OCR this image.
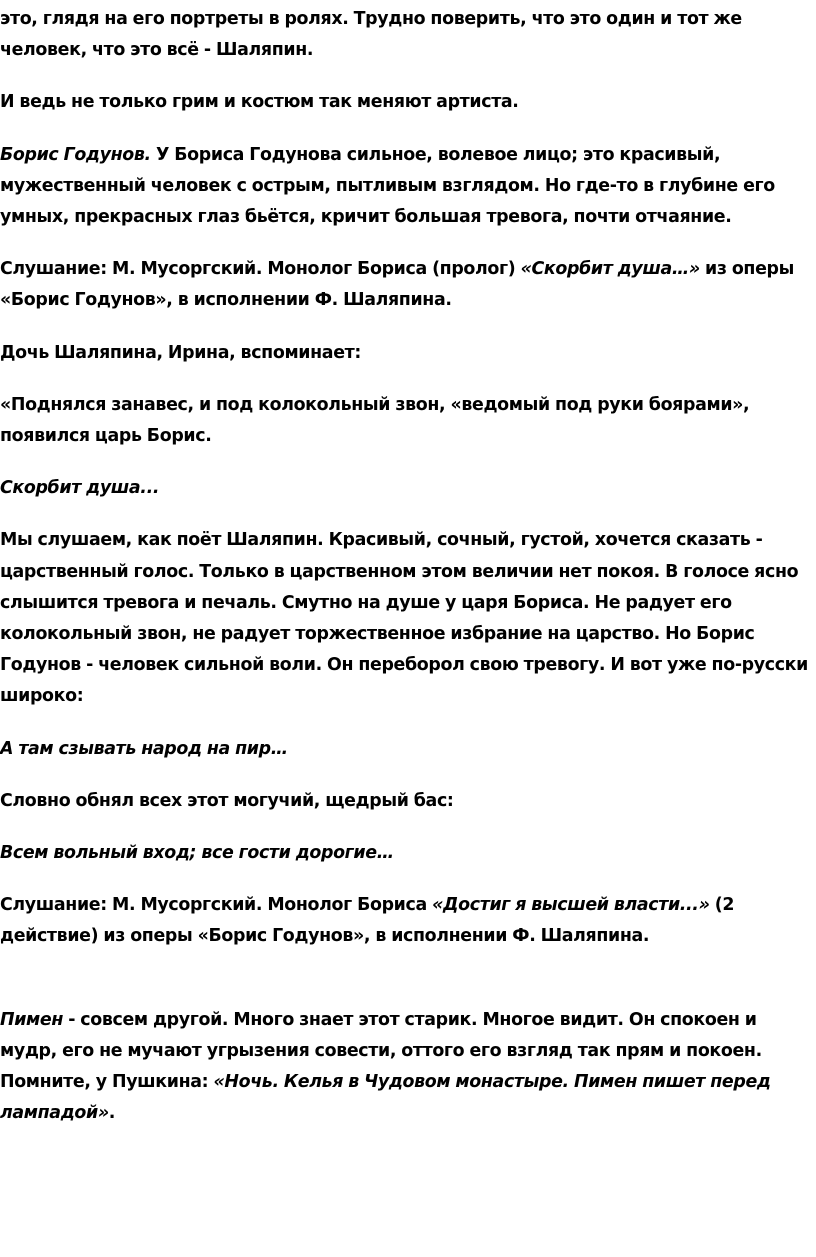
это, глядя на его портреты в ролях. Трудно поверить, что это один и тот же человек, что это всё - Шаляпин.

И ведь не только грим и костюм так меняют артиста.

Борис Годунов. У Бориса Годунова сильное, волевое лицо; это красивый, мужественный человек с острым, пытливым взглядом. Но где-то в глубине его умных, прекрасных глаз бьётся, кричит большая тревога, почти отчаяние.

Слушание: М. Мусоргский. Монолог Бориса (пролог) «Скорбит душа…» из оперы «Борис Годунов», в исполнении Ф. Шаляпина.

Дочь Шаляпина, Ирина, вспоминает:

«Поднялся занавес, и под колокольный звон, «ведомый под руки боярами», появился царь Борис.

Скорбит душа...

Мы слушаем, как поёт Шаляпин. Красивый, сочный, густой, хочется сказать - царственный голос. Только в царственном этом величии нет покоя. В голосе ясно слышится тревога и печаль. Смутно на душе у царя Бориса. Не радует его колокольный звон, не радует торжественное избрание на царство. Но Борис Годунов - человек сильной воли. Он переборол свою тревогу. И вот уже по-русски широко:

А там сзывать народ на пир…

Словно обнял всех этот могучий, щедрый бас:

Всем вольный вход; все гости дорогие…

Слушание: М. Мусоргский. Монолог Бориса «Достиг я высшей власти...» (2 действие) из оперы «Борис Годунов», в исполнении Ф. Шаляпина.

Пимен - совсем другой. Много знает этот старик. Многое видит. Он спокоен и мудр, его не мучают угрызения совести, оттого его взгляд так прям и покоен. Помните, у Пушкина: «Ночь. Келья в Чудовом монастыре. Пимен пишет перед лампадой».
